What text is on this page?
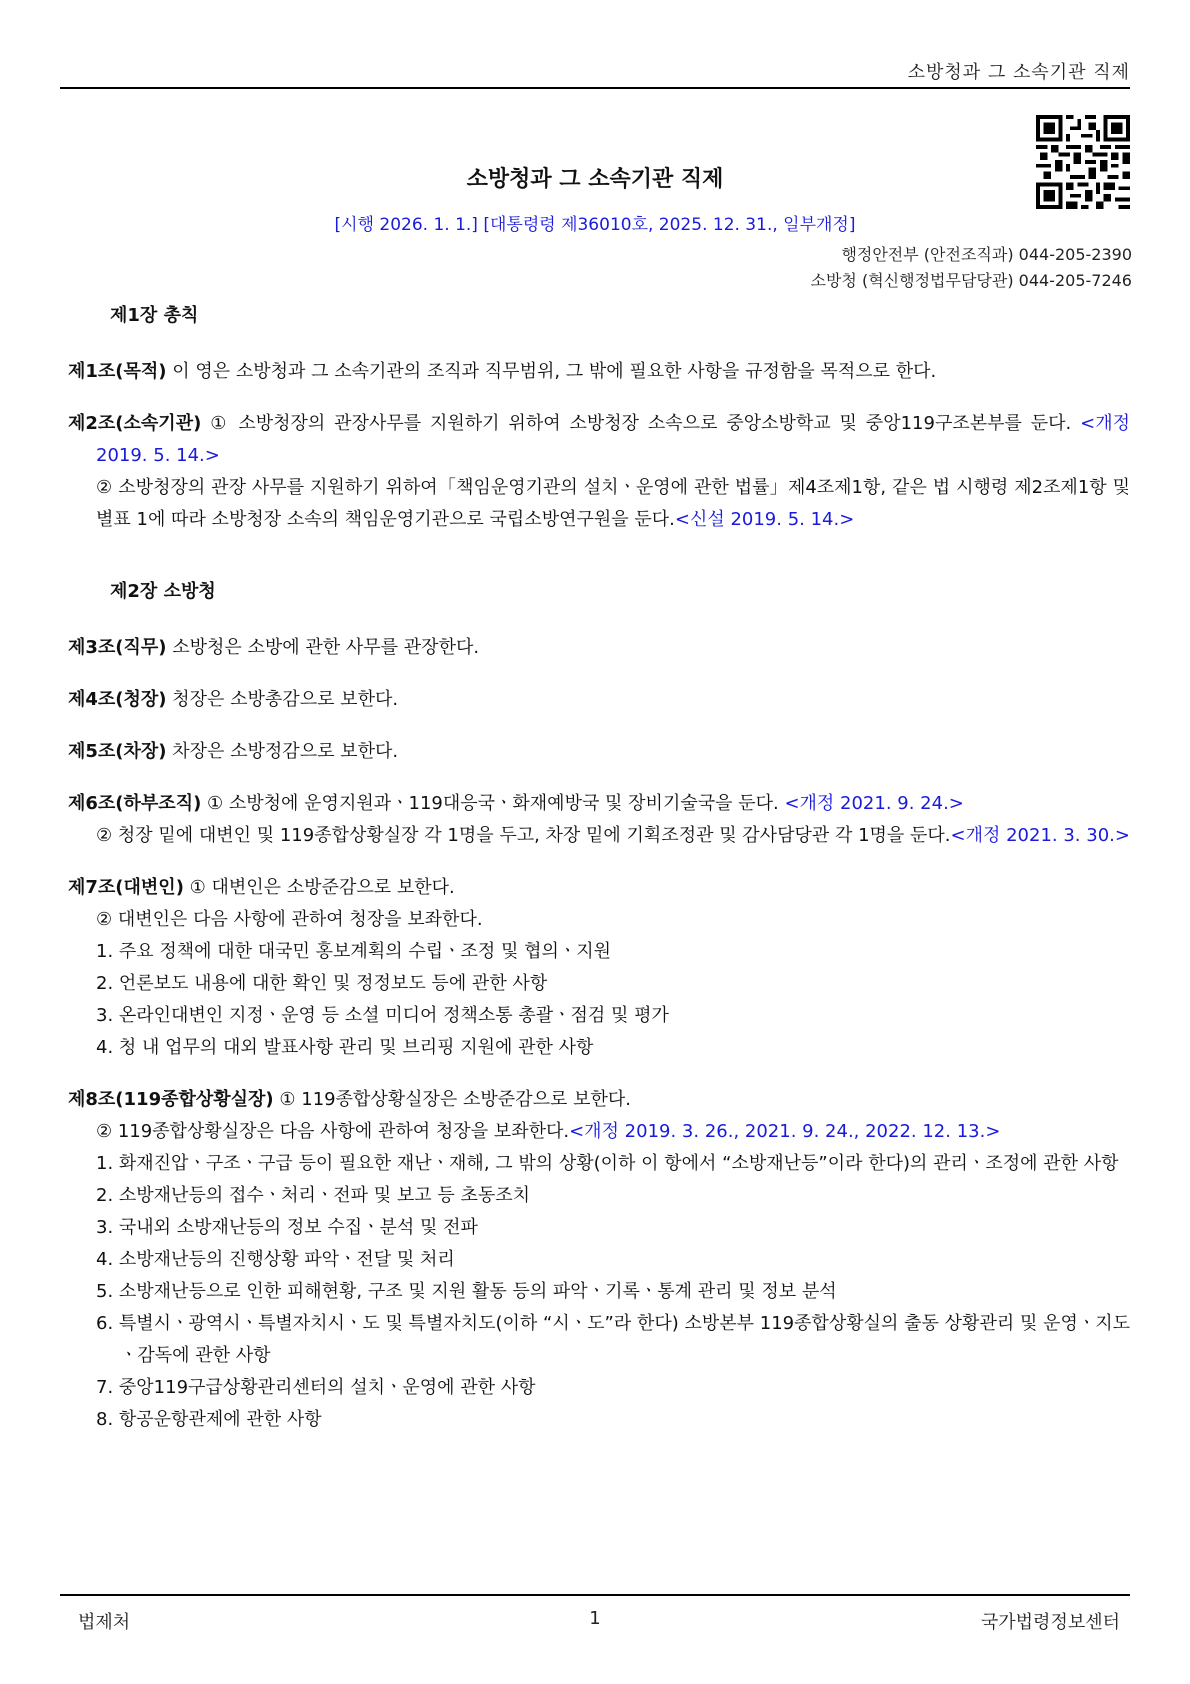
소방청과 그 소속기관 직제
소방청과 그 소속기관 직제
[시행 2026. 1. 1.] [대통령령 제36010호, 2025. 12. 31., 일부개정]
행정안전부 (안전조직과) 044-205-2390
소방청 (혁신행정법무담당관) 044-205-7246
제1장 총칙
제1조(목적) 이 영은 소방청과 그 소속기관의 조직과 직무범위, 그 밖에 필요한 사항을 규정함을 목적으로 한다.
제2조(소속기관) ① 소방청장의 관장사무를 지원하기 위하여 소방청장 소속으로 중앙소방학교 및 중앙119구조본부를 둔다. <개정 2019. 5. 14.>
② 소방청장의 관장 사무를 지원하기 위하여「책임운영기관의 설치ㆍ운영에 관한 법률」제4조제1항, 같은 법 시행령 제2조제1항 및 별표 1에 따라 소방청장 소속의 책임운영기관으로 국립소방연구원을 둔다.<신설 2019. 5. 14.>
제2장 소방청
제3조(직무) 소방청은 소방에 관한 사무를 관장한다.
제4조(청장) 청장은 소방총감으로 보한다.
제5조(차장) 차장은 소방정감으로 보한다.
제6조(하부조직) ① 소방청에 운영지원과ㆍ119대응국ㆍ화재예방국 및 장비기술국을 둔다. <개정 2021. 9. 24.>
② 청장 밑에 대변인 및 119종합상황실장 각 1명을 두고, 차장 밑에 기획조정관 및 감사담당관 각 1명을 둔다.<개정 2021. 3. 30.>
제7조(대변인) ① 대변인은 소방준감으로 보한다.
② 대변인은 다음 사항에 관하여 청장을 보좌한다.
1. 주요 정책에 대한 대국민 홍보계획의 수립ㆍ조정 및 협의ㆍ지원
2. 언론보도 내용에 대한 확인 및 정정보도 등에 관한 사항
3. 온라인대변인 지정ㆍ운영 등 소셜 미디어 정책소통 총괄ㆍ점검 및 평가
4. 청 내 업무의 대외 발표사항 관리 및 브리핑 지원에 관한 사항
제8조(119종합상황실장) ① 119종합상황실장은 소방준감으로 보한다.
② 119종합상황실장은 다음 사항에 관하여 청장을 보좌한다.<개정 2019. 3. 26., 2021. 9. 24., 2022. 12. 13.>
1. 화재진압ㆍ구조ㆍ구급 등이 필요한 재난ㆍ재해, 그 밖의 상황(이하 이 항에서 “소방재난등”이라 한다)의 관리ㆍ조정에 관한 사항
2. 소방재난등의 접수ㆍ처리ㆍ전파 및 보고 등 초동조치
3. 국내외 소방재난등의 정보 수집ㆍ분석 및 전파
4. 소방재난등의 진행상황 파악ㆍ전달 및 처리
5. 소방재난등으로 인한 피해현황, 구조 및 지원 활동 등의 파악ㆍ기록ㆍ통계 관리 및 정보 분석
6. 특별시ㆍ광역시ㆍ특별자치시ㆍ도 및 특별자치도(이하 “시ㆍ도”라 한다) 소방본부 119종합상황실의 출동 상황관리 및 운영ㆍ지도ㆍ감독에 관한 사항
7. 중앙119구급상황관리센터의 설치ㆍ운영에 관한 사항
8. 항공운항관제에 관한 사항
법제처	1	국가법령정보센터
